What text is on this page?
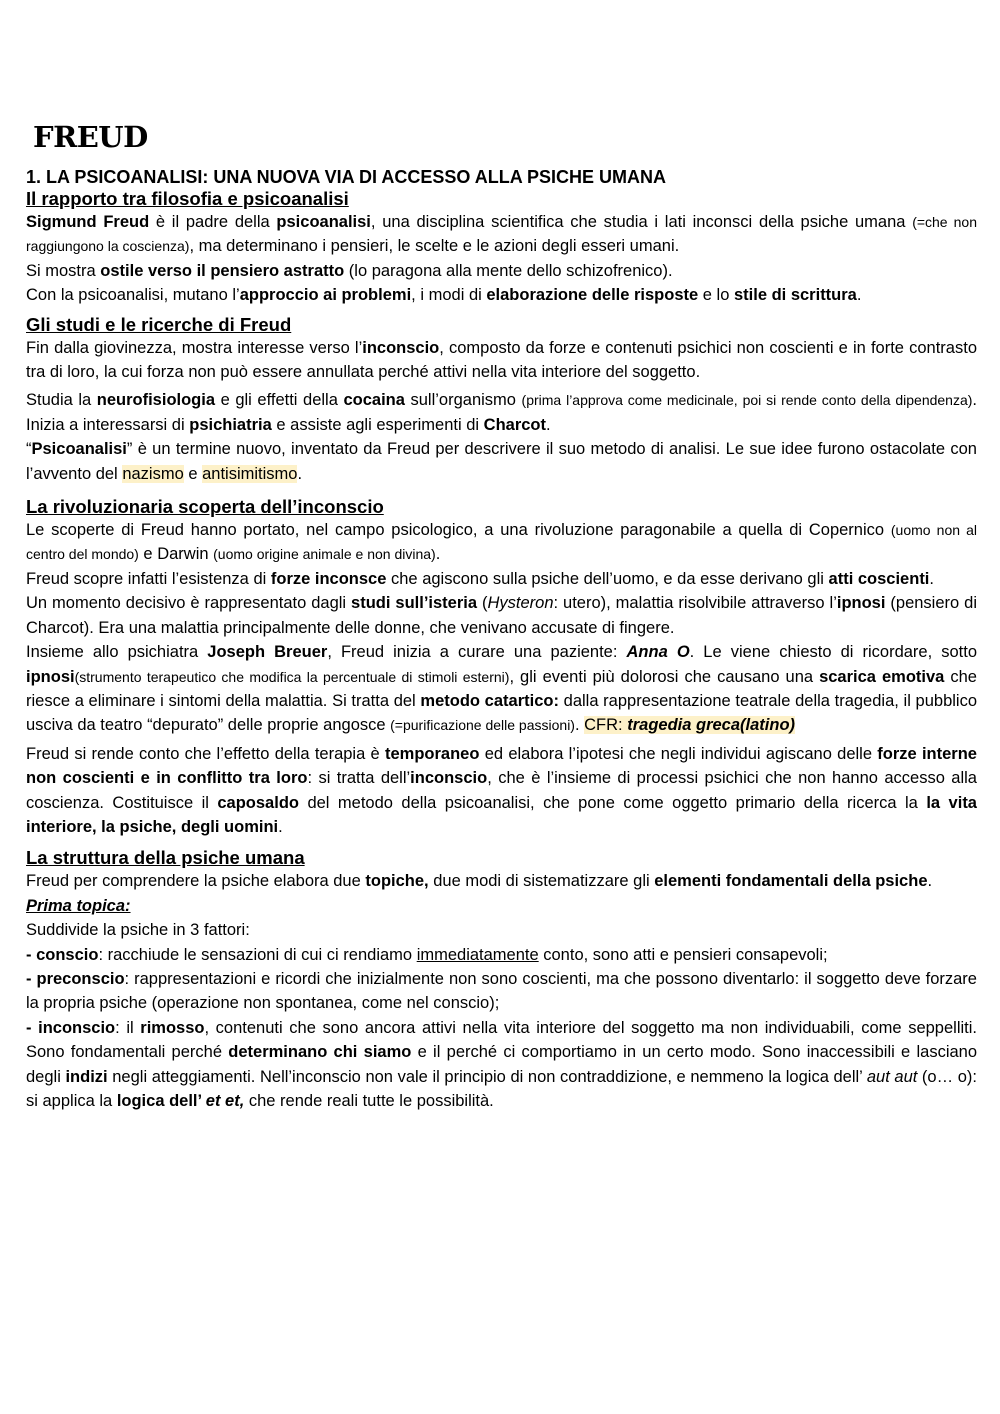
FREUD
1. LA PSICOANALISI: UNA NUOVA VIA DI ACCESSO ALLA PSICHE UMANA
Il rapporto tra filosofia e psicoanalisi

Sigmund Freud è il padre della psicoanalisi, una disciplina scientifica che studia i lati inconsci della psiche umana (=che non raggiungono la coscienza), ma determinano i pensieri, le scelte e le azioni degli esseri umani.

Si mostra ostile verso il pensiero astratto (lo paragona alla mente dello schizofrenico).

Con la psicoanalisi, mutano l’approccio ai problemi, i modi di elaborazione delle risposte e lo stile di scrittura.

Gli studi e le ricerche di Freud

Fin dalla giovinezza, mostra interesse verso l’inconscio, composto da forze e contenuti psichici non coscienti e in forte contrasto tra di loro, la cui forza non può essere annullata perché attivi nella vita interiore del soggetto.

Studia la neurofisiologia e gli effetti della cocaina sull’organismo (prima l’approva come medicinale, poi si rende conto della dipendenza). Inizia a interessarsi di psichiatria e assiste agli esperimenti di Charcot.

“Psicoanalisi” è un termine nuovo, inventato da Freud per descrivere il suo metodo di analisi. Le sue idee furono ostacolate con l’avvento del nazismo e antisimitismo.

La rivoluzionaria scoperta dell’inconscio

Le scoperte di Freud hanno portato, nel campo psicologico, a una rivoluzione paragonabile a quella di Copernico (uomo non al centro del mondo) e Darwin (uomo origine animale e non divina).

Freud scopre infatti l’esistenza di forze inconsce che agiscono sulla psiche dell’uomo, e da esse derivano gli atti coscienti.

Un momento decisivo è rappresentato dagli studi sull’isteria (Hysteron: utero), malattia risolvibile attraverso l’ipnosi (pensiero di Charcot). Era una malattia principalmente delle donne, che venivano accusate di fingere.

Insieme allo psichiatra Joseph Breuer, Freud inizia a curare una paziente: Anna O. Le viene chiesto di ricordare, sotto ipnosi(strumento terapeutico che modifica la percentuale di stimoli esterni), gli eventi più dolorosi che causano una scarica emotiva che riesce a eliminare i sintomi della malattia. Si tratta del metodo catartico: dalla rappresentazione teatrale della tragedia, il pubblico usciva da teatro “depurato” delle proprie angosce (=purificazione delle passioni). CFR: tragedia greca(latino)

Freud si rende conto che l’effetto della terapia è temporaneo ed elabora l’ipotesi che negli individui agiscano delle forze interne non coscienti e in conflitto tra loro: si tratta dell’inconscio, che è l’insieme di processi psichici che non hanno accesso alla coscienza. Costituisce il caposaldo del metodo della psicoanalisi, che pone come oggetto primario della ricerca la la vita interiore, la psiche, degli uomini.

La struttura della psiche umana

Freud per comprendere la psiche elabora due topiche, due modi di sistematizzare gli elementi fondamentali della psiche.

Prima topica:

Suddivide la psiche in 3 fattori:

- conscio: racchiude le sensazioni di cui ci rendiamo immediatamente conto, sono atti e pensieri consapevoli;

- preconscio: rappresentazioni e ricordi che inizialmente non sono coscienti, ma che possono diventarlo: il soggetto deve forzare la propria psiche (operazione non spontanea, come nel conscio);

- inconscio: il rimosso, contenuti che sono ancora attivi nella vita interiore del soggetto ma non individuabili, come seppelliti. Sono fondamentali perché determinano chi siamo e il perché ci comportiamo in un certo modo. Sono inaccessibili e lasciano degli indizi negli atteggiamenti. Nell’inconscio non vale il principio di non contraddizione, e nemmeno la logica dell’ aut aut (o… o): si applica la logica dell’ et et, che rende reali tutte le possibilità.
